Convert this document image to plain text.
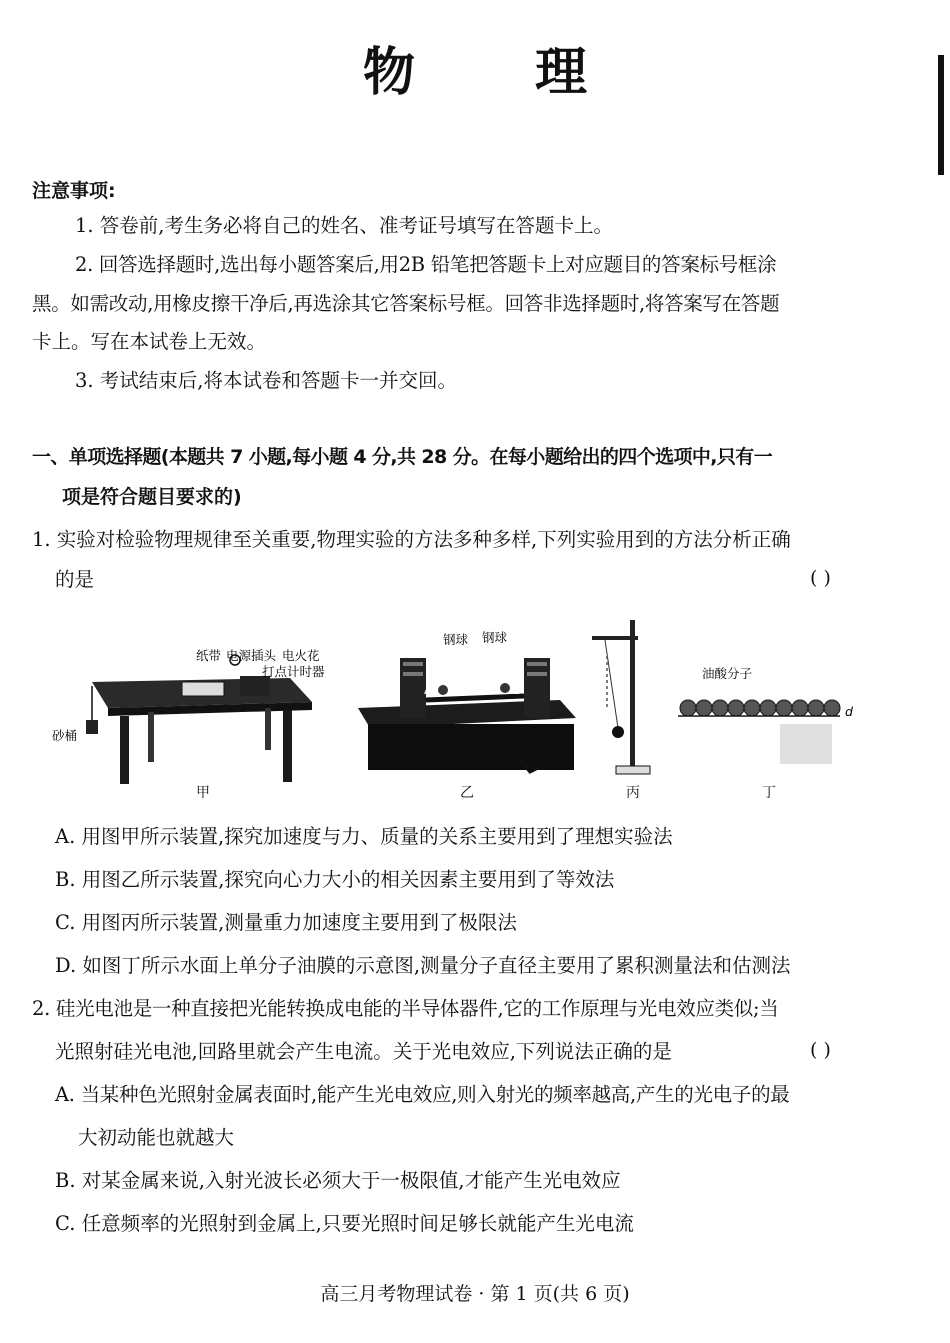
物 理
注意事项:
1. 答卷前,考生务必将自己的姓名、准考证号填写在答题卡上。
2. 回答选择题时,选出每小题答案后,用2B 铅笔把答题卡上对应题目的答案标号框涂
黑。如需改动,用橡皮擦干净后,再选涂其它答案标号框。回答非选择题时,将答案写在答题
卡上。写在本试卷上无效。
3. 考试结束后,将本试卷和答题卡一并交回。
一、单项选择题(本题共 7 小题,每小题 4 分,共 28 分。在每小题给出的四个选项中,只有一
项是符合题目要求的)
1. 实验对检验物理规律至关重要,物理实验的方法多种多样,下列实验用到的方法分析正确
的是	( )
纸带 电源插头 电火花
打点计时器
砂桶
钢球 钢球
A	B
油酸分子
d
甲	乙	丙	丁
A. 用图甲所示装置,探究加速度与力、质量的关系主要用到了理想实验法
B. 用图乙所示装置,探究向心力大小的相关因素主要用到了等效法
C. 用图丙所示装置,测量重力加速度主要用到了极限法
D. 如图丁所示水面上单分子油膜的示意图,测量分子直径主要用了累积测量法和估测法
2. 硅光电池是一种直接把光能转换成电能的半导体器件,它的工作原理与光电效应类似;当
光照射硅光电池,回路里就会产生电流。关于光电效应,下列说法正确的是	( )
A. 当某种色光照射金属表面时,能产生光电效应,则入射光的频率越高,产生的光电子的最
大初动能也就越大
B. 对某金属来说,入射光波长必须大于一极限值,才能产生光电效应
C. 任意频率的光照射到金属上,只要光照时间足够长就能产生光电流
高三月考物理试卷 · 第 1 页(共 6 页)
